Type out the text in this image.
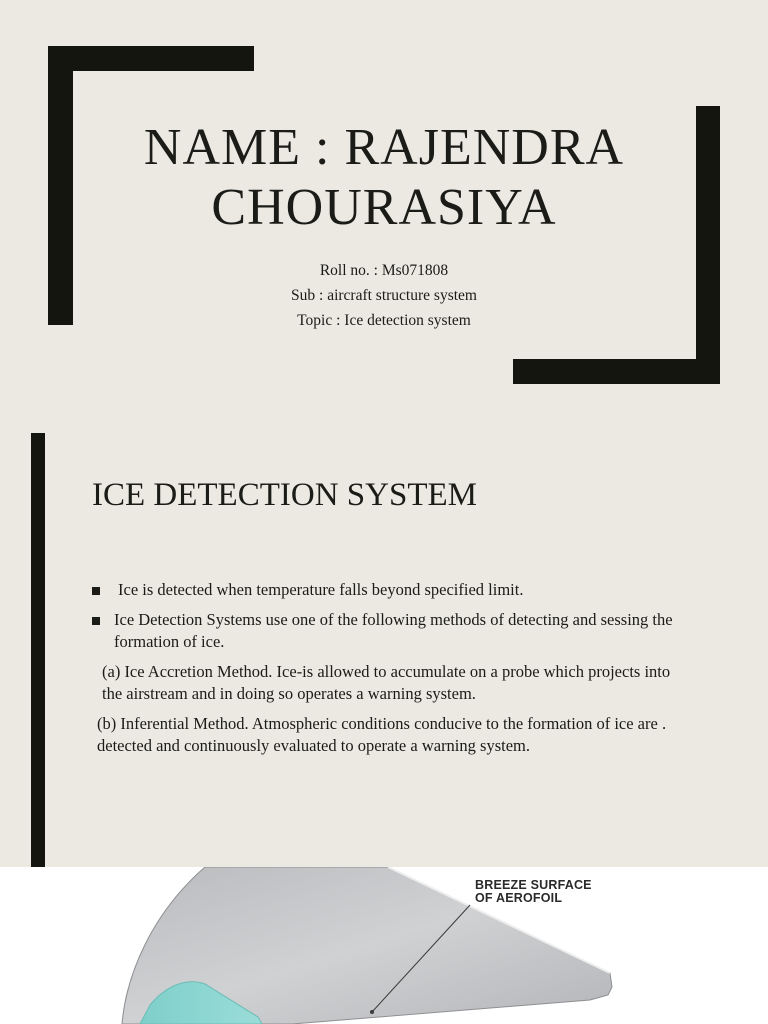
NAME : RAJENDRA
CHOURASIYA
Roll no. : Ms071808
Sub : aircraft structure system
Topic : Ice detection system
ICE DETECTION SYSTEM
Ice is detected when temperature falls beyond specified limit.
Ice Detection Systems use one of the following methods of detecting and sessing the formation of ice.
(a) Ice Accretion Method. Ice-is allowed to accumulate on a probe which projects into the airstream and in doing so operates a warning system.
(b) Inferential Method. Atmospheric conditions conducive to the formation of ice are . detected and continuously evaluated to operate a warning system.
BREEZE SURFACE
OF AEROFOIL
